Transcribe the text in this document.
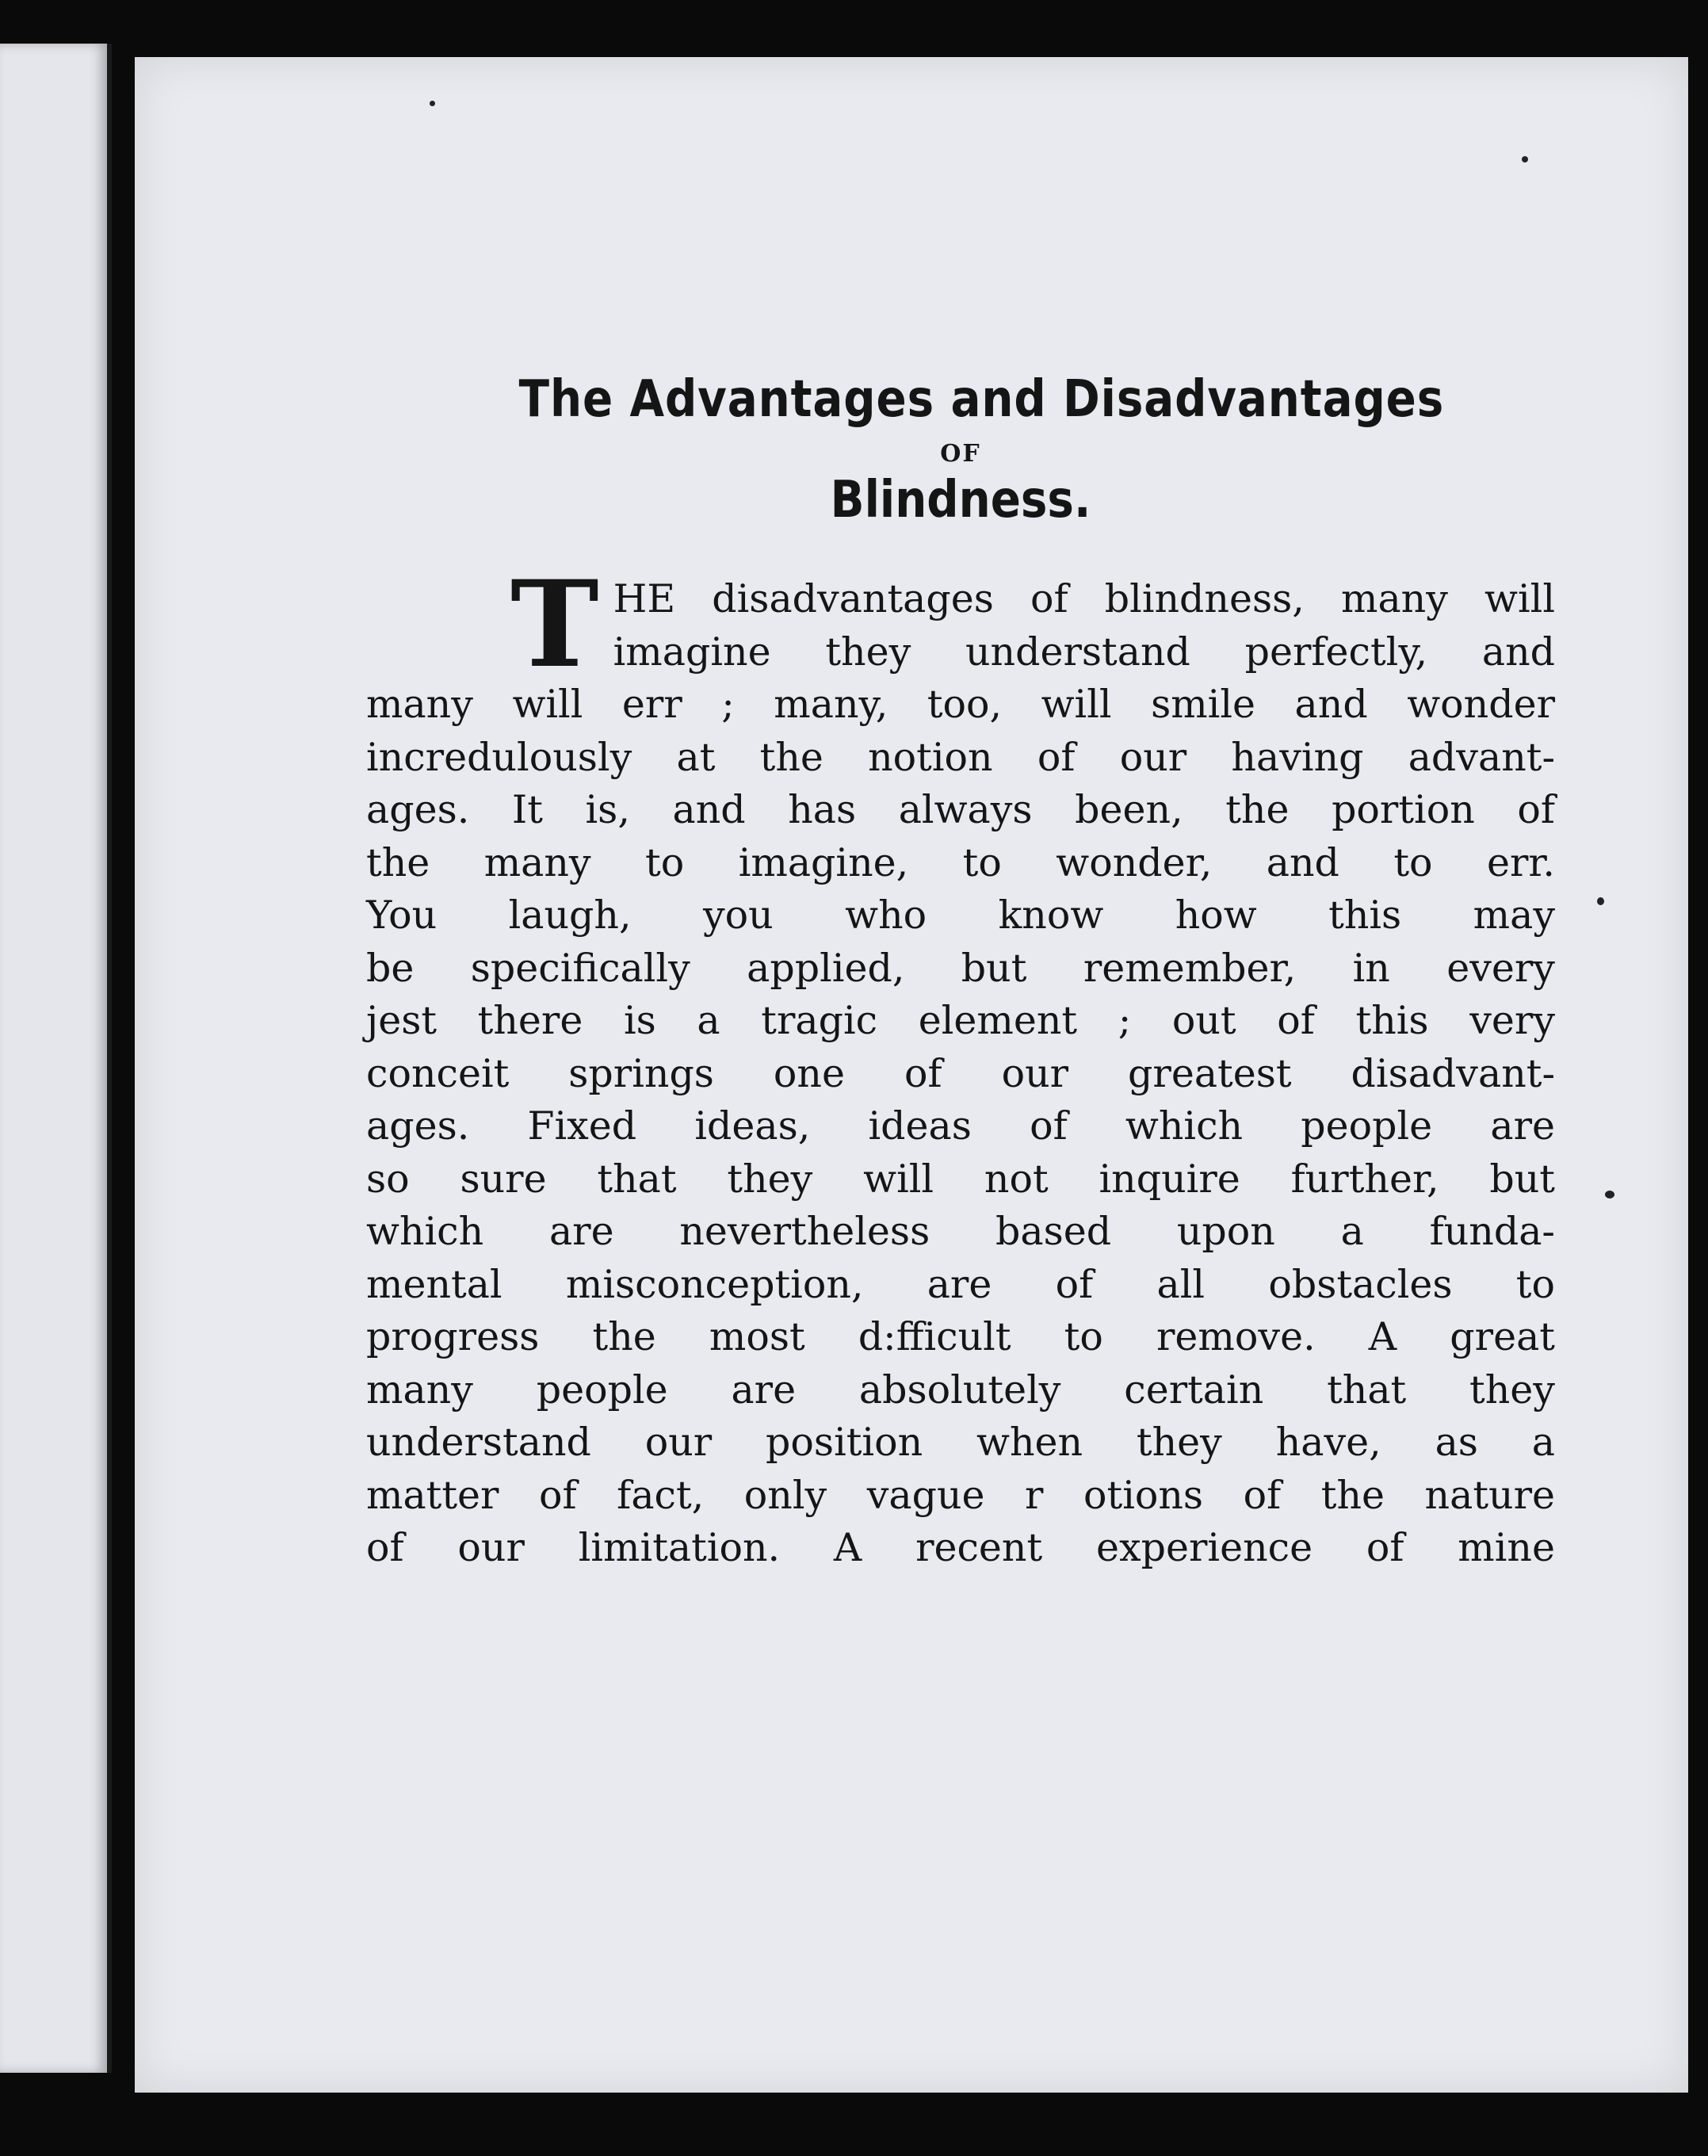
The Advantages and Disadvantages
OF
Blindness.
T HE disadvantages of blindness, many will
imagine they understand perfectly, and
many will err ; many, too, will smile and wonder
incredulously at the notion of our having advant-
ages. It is, and has always been, the portion of
the many to imagine, to wonder, and to err.
You laugh, you who know how this may
be specifically applied, but remember, in every
jest there is a tragic element ; out of this very
conceit springs one of our greatest disadvant-
ages. Fixed ideas, ideas of which people are
so sure that they will not inquire further, but
which are nevertheless based upon a funda-
mental misconception, are of all obstacles to
progress the most d:fficult to remove. A great
many people are absolutely certain that they
understand our position when they have, as a
matter of fact, only vague r otions of the nature
of our limitation. A recent experience of mine
